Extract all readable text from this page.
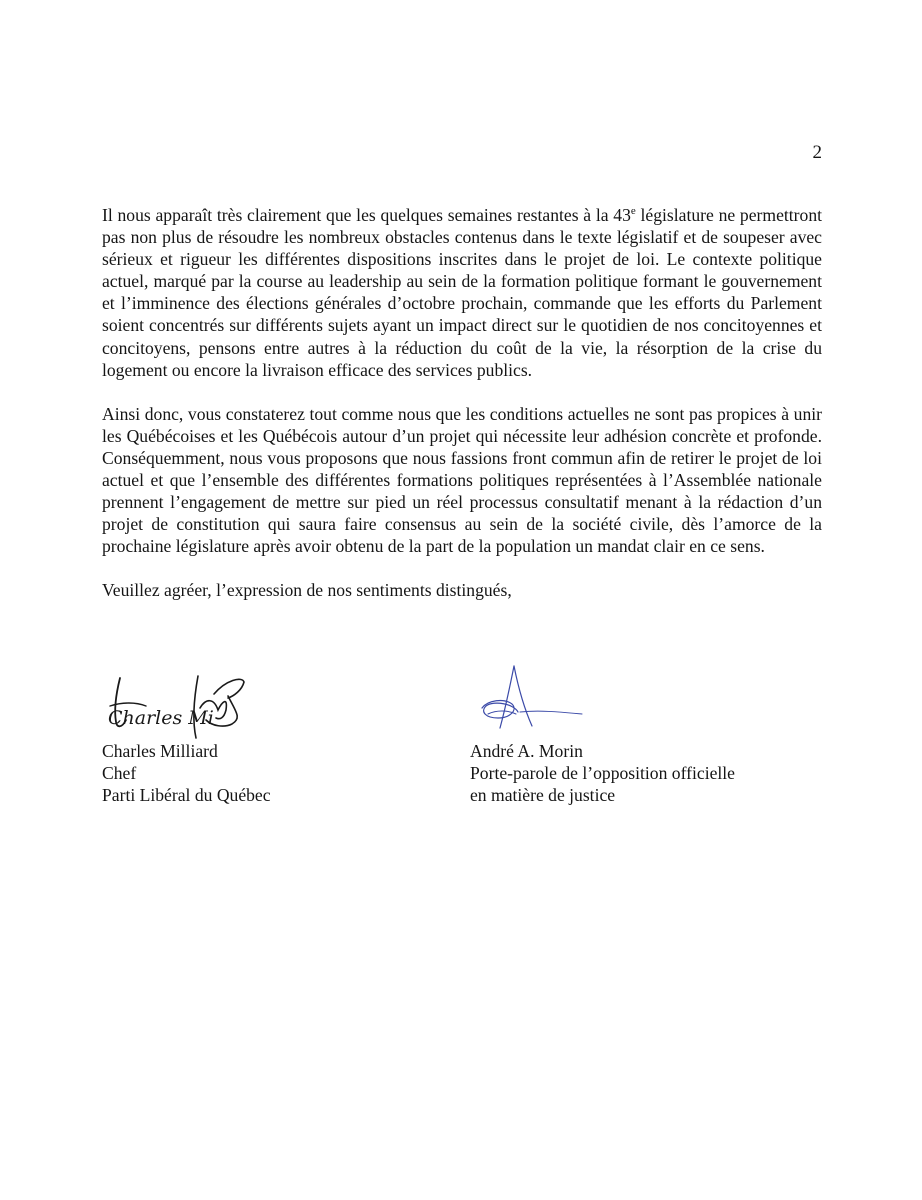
2

Il nous apparaît très clairement que les quelques semaines restantes à la 43e législature ne permettront pas non plus de résoudre les nombreux obstacles contenus dans le texte législatif et de soupeser avec sérieux et rigueur les différentes dispositions inscrites dans le projet de loi. Le contexte politique actuel, marqué par la course au leadership au sein de la formation politique formant le gouvernement et l’imminence des élections générales d’octobre prochain, commande que les efforts du Parlement soient concentrés sur différents sujets ayant un impact direct sur le quotidien de nos concitoyennes et concitoyens, pensons entre autres à la réduction du coût de la vie, la résorption de la crise du logement ou encore la livraison efficace des services publics.

Ainsi donc, vous constaterez tout comme nous que les conditions actuelles ne sont pas propices à unir les Québécoises et les Québécois autour d’un projet qui nécessite leur adhésion concrète et profonde. Conséquemment, nous vous proposons que nous fassions front commun afin de retirer le projet de loi actuel et que l’ensemble des différentes formations politiques représentées à l’Assemblée nationale prennent l’engagement de mettre sur pied un réel processus consultatif menant à la rédaction d’un projet de constitution qui saura faire consensus au sein de la société civile, dès l’amorce de la prochaine législature après avoir obtenu de la part de la population un mandat clair en ce sens.

Veuillez agréer, l’expression de nos sentiments distingués,

Charles Mi
Charles Milliard
Chef
Parti Libéral du Québec
André A. Morin
Porte-parole de l’opposition officielle
en matière de justice
